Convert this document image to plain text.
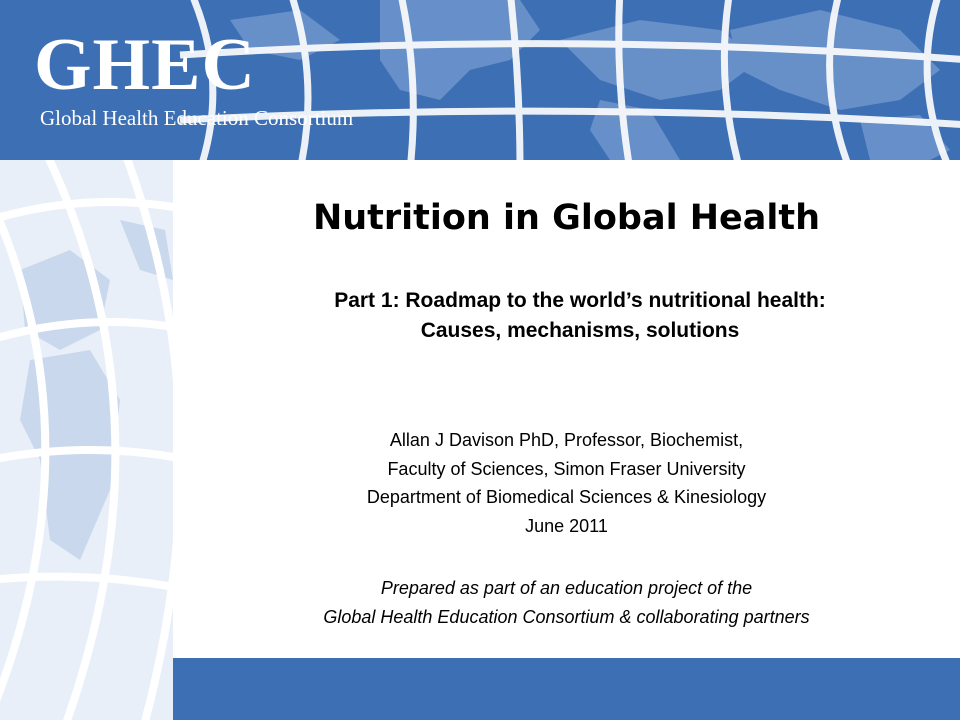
GHEC
Global Health Education Consortium
Nutrition in Global Health
Part 1: Roadmap to the world’s nutritional health:
Causes, mechanisms, solutions
Allan J Davison PhD, Professor, Biochemist,
Faculty of Sciences, Simon Fraser University
Department of Biomedical Sciences & Kinesiology
June 2011
Prepared as part of an education project of the
Global Health Education Consortium & collaborating partners
